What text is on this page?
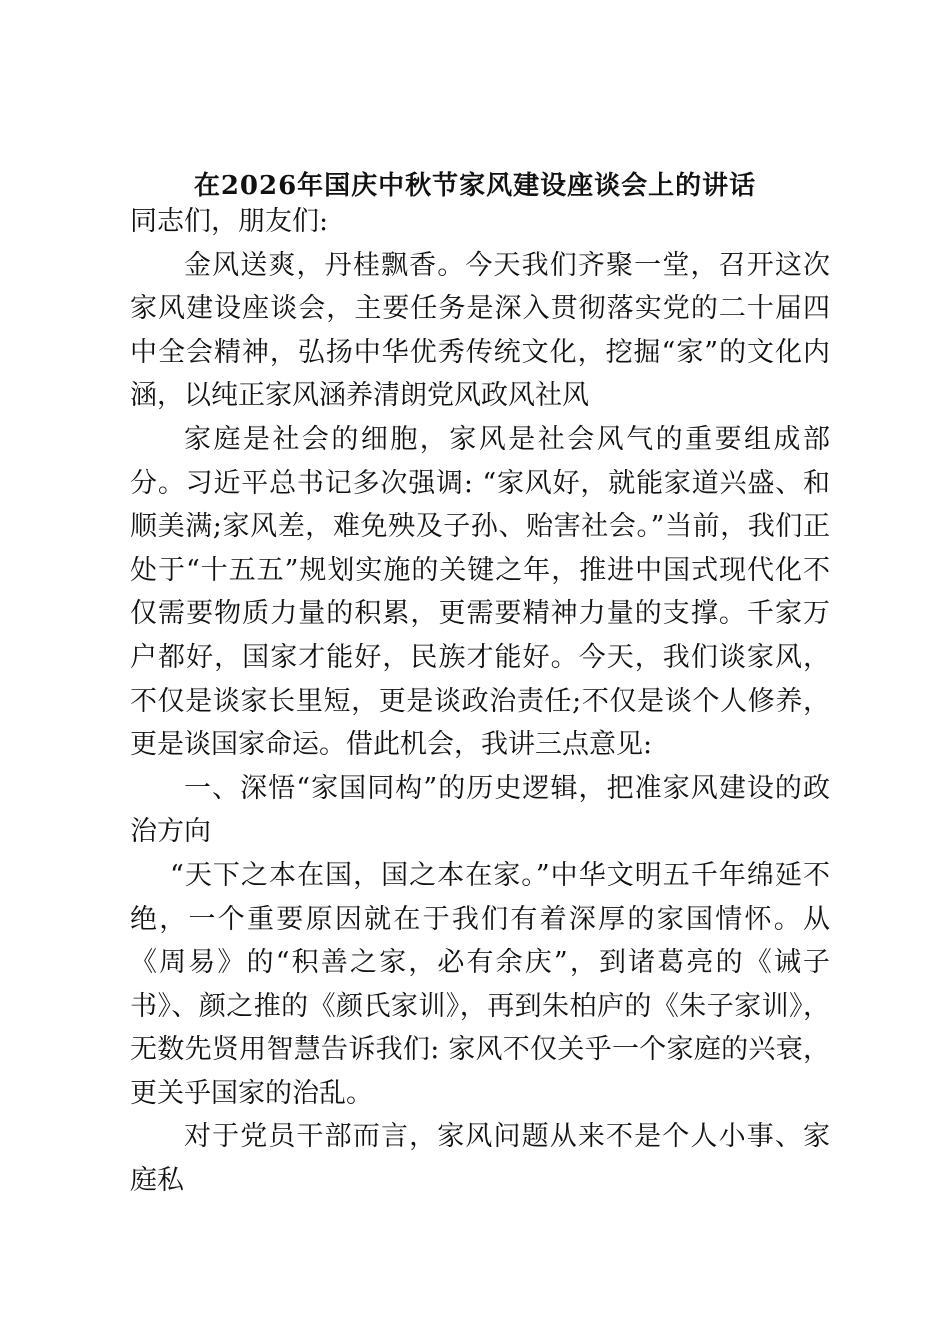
在2026年国庆中秋节家风建设座谈会上的讲话

同志们，朋友们:

金风送爽，丹桂飘香。今天我们齐聚一堂，召开这次家风建设座谈会，主要任务是深入贯彻落实党的二十届四中全会精神，弘扬中华优秀传统文化，挖掘“家”的文化内涵，以纯正家风涵养清朗党风政风社风

家庭是社会的细胞，家风是社会风气的重要组成部分。习近平总书记多次强调: “家风好，就能家道兴盛、和顺美满;家风差，难免殃及子孙、贻害社会。”当前，我们正处于“十五五”规划实施的关键之年，推进中国式现代化不仅需要物质力量的积累，更需要精神力量的支撑。千家万户都好，国家才能好，民族才能好。今天，我们谈家风，不仅是谈家长里短，更是谈政治责任;不仅是谈个人修养，更是谈国家命运。借此机会，我讲三点意见:

一、深悟“家国同构”的历史逻辑，把准家风建设的政治方向

“天下之本在国，国之本在家。”中华文明五千年绵延不绝，一个重要原因就在于我们有着深厚的家国情怀。从《周易》的“积善之家，必有余庆”，到诸葛亮的《诫子书》、颜之推的《颜氏家训》，再到朱柏庐的《朱子家训》，无数先贤用智慧告诉我们: 家风不仅关乎一个家庭的兴衰，更关乎国家的治乱。

对于党员干部而言，家风问题从来不是个人小事、家庭私
